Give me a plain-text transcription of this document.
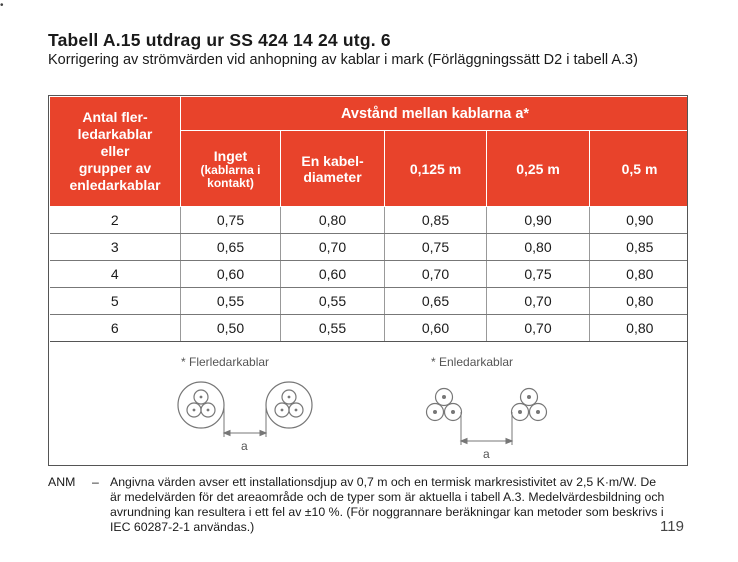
•
Tabell A.15 utdrag ur SS 424 14 24 utg. 6
Korrigering av strömvärden vid anhopning av kablar i mark (Förläggningssätt D2 i tabell A.3)
Antal fler-
ledarkablar
eller
grupper av
enledarkablar	Avstånd mellan kablarna a*				

	Inget
(kablarna i kontakt)	En kabel-
diameter	0,125 m	0,25 m	0,5 m
2	0,75	0,80	0,85	0,90	0,90
3	0,65	0,70	0,75	0,80	0,85
4	0,60	0,60	0,70	0,75	0,80
5	0,55	0,55	0,65	0,70	0,80
6	0,50	0,55	0,60	0,70	0,80
* Flerledarkablar
a
* Enledarkablar
a
ANM – Angivna värden avser ett installationsdjup av 0,7 m och en termisk markresistivitet av 2,5 K·m/W. De är medelvärden för det areaområde och de typer som är aktuella i tabell A.3. Medelvärdesbildning och avrundning kan resultera i ett fel av ±10 %. (För noggrannare beräkningar kan metoder som beskrivs i IEC 60287-2-1 användas.)	119
